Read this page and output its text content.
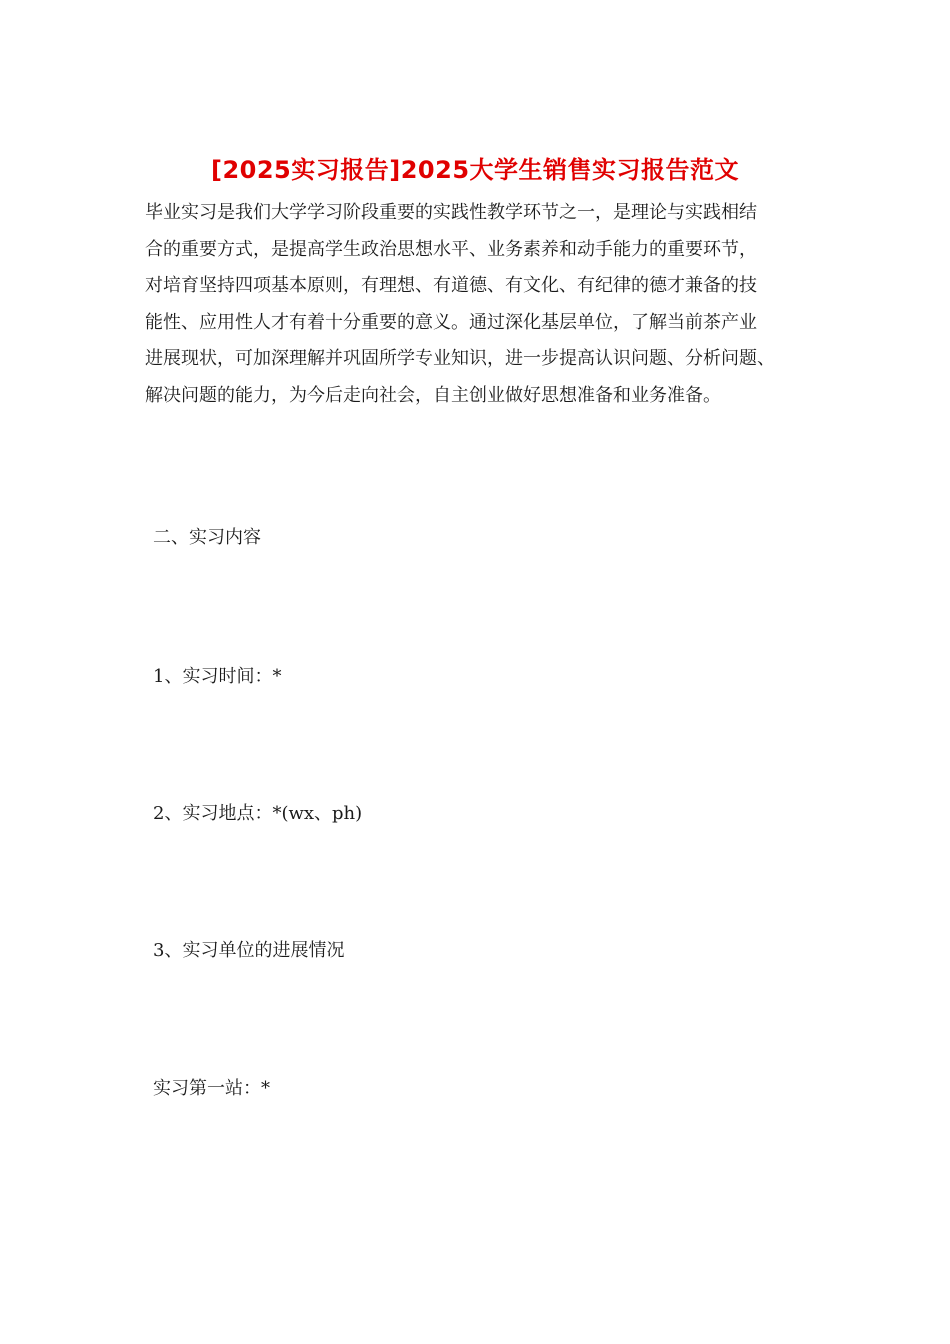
[2025实习报告]2025大学生销售实习报告范文
毕业实习是我们大学学习阶段重要的实践性教学环节之一，是理论与实践相结
合的重要方式，是提高学生政治思想水平、业务素养和动手能力的重要环节，
对培育坚持四项基本原则，有理想、有道德、有文化、有纪律的德才兼备的技
能性、应用性人才有着十分重要的意义。通过深化基层单位，了解当前茶产业
进展现状，可加深理解并巩固所学专业知识，进一步提高认识问题、分析问题、
解决问题的能力，为今后走向社会，自主创业做好思想准备和业务准备。
二、实习内容
1、实习时间：*
2、实习地点：*(wx、ph)
3、实习单位的进展情况
实习第一站：*
